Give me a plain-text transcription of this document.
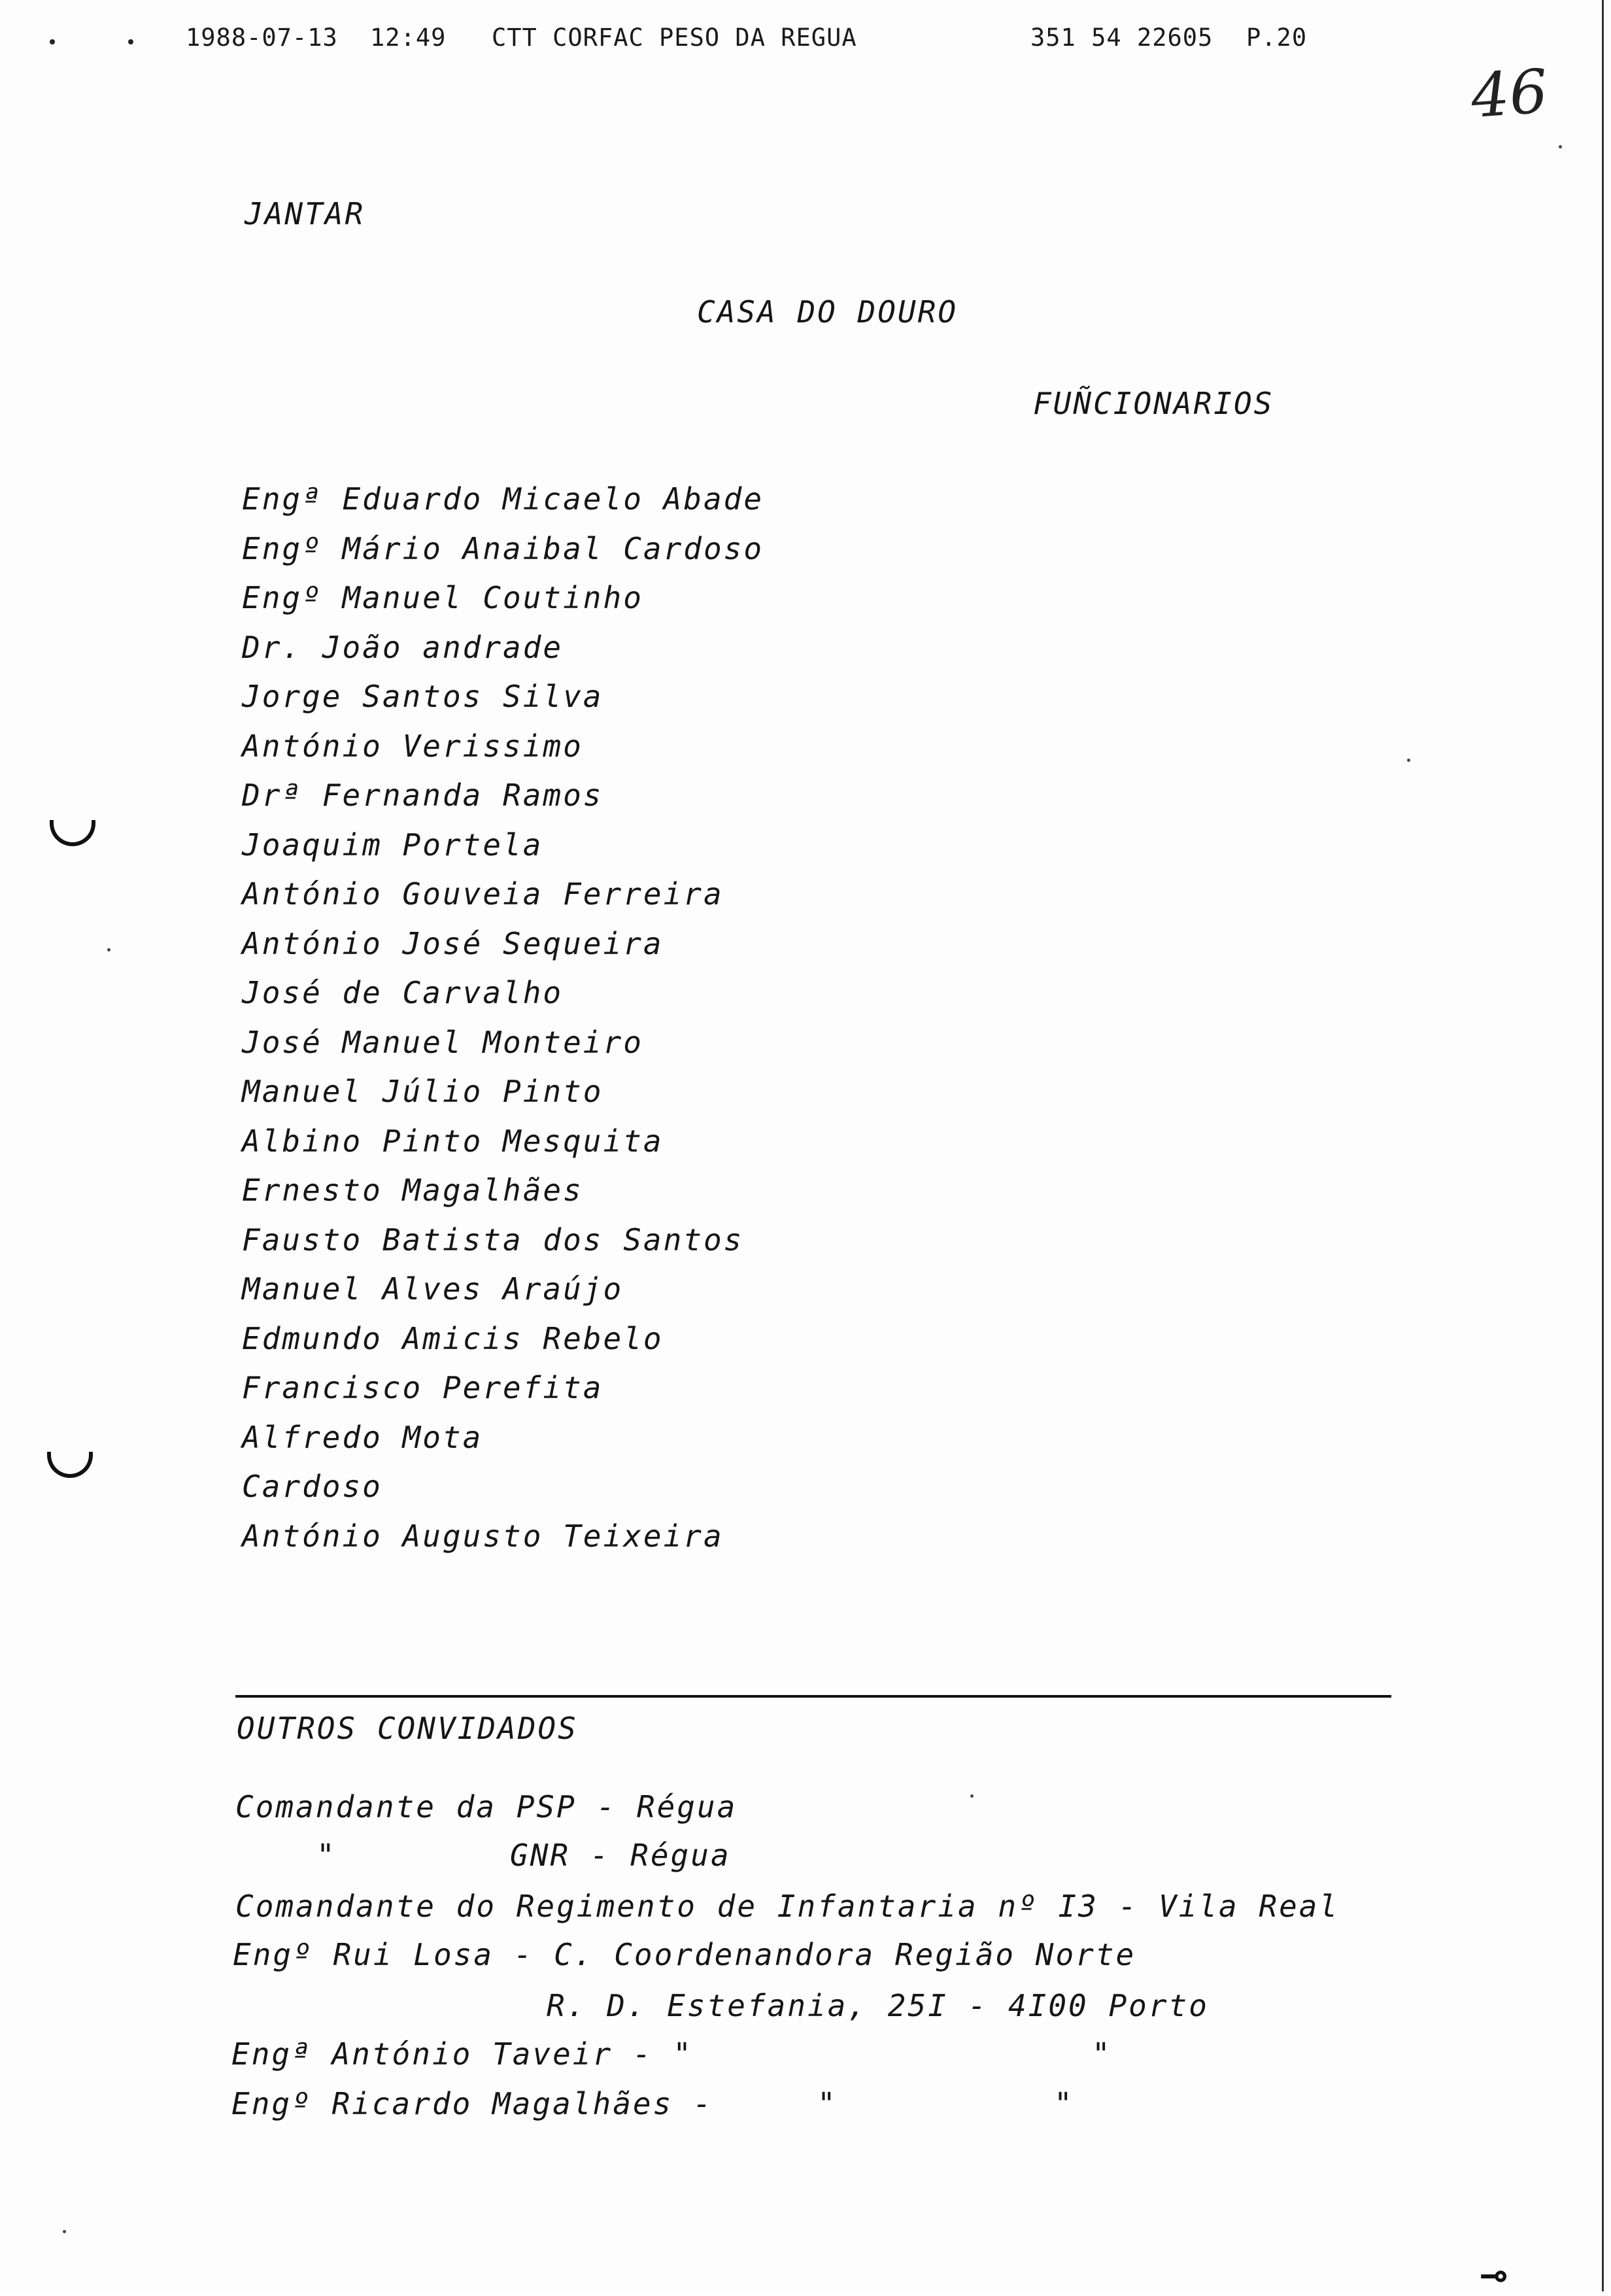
1988-07-13 12:49 CTT CORFAC PESO DA REGUA	351 54 22605 P.20
46
JANTAR
CASA DO DOURO
FUÑCIONARIOS
Engª Eduardo Micaelo Abade
Engº Mário Anaibal Cardoso
Engº Manuel Coutinho
Dr. João andrade
Jorge Santos Silva
António Verissimo
Drª Fernanda Ramos
Joaquim Portela
António Gouveia Ferreira
António José Sequeira
José de Carvalho
José Manuel Monteiro
Manuel Júlio Pinto
Albino Pinto Mesquita
Ernesto Magalhães
Fausto Batista dos Santos
Manuel Alves Araújo
Edmundo Amicis Rebelo
Francisco Perefita
Alfredo Mota
Cardoso
António Augusto Teixeira
OUTROS CONVIDADOS
Comandante da PSP - Régua
"	GNR - Régua
Comandante do Regimento de Infantaria nº I3 - Vila Real
Engº Rui Losa - C. Coordenandora Região Norte
R. D. Estefania, 25I - 4I00 Porto
Engª António Taveir - "	"
Engº Ricardo Magalhães -	"	"
⊸
